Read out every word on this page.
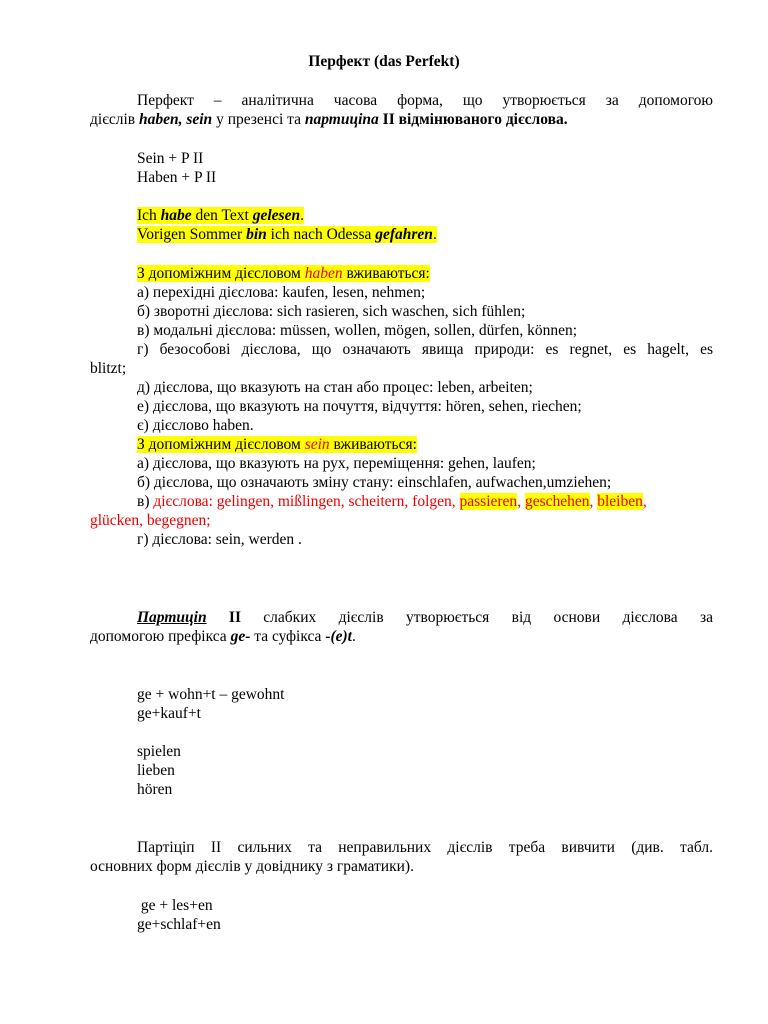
Перфект (das Perfekt)
Перфект – аналітична часова форма, що утворюється за допомогою
дієслів haben, sein у презенсі та партиціпа II відмінюваного дієслова.
Sein + P II
Haben + P II
Ich habe den Text gelesen.
Vorigen Sommer bin ich nach Odessa gefahren.
З допоміжним дієсловом haben вживаються:
а) перехідні дієслова: kaufen, lesen, nehmen;
б) зворотні дієслова: sich rasieren, sich waschen, sich fühlen;
в) модальні дієслова: müssen, wollen, mögen, sollen, dürfen, können;
г) безособові дієслова, що означають явища природи: es regnet, es hagelt, es
blitzt;
д) дієслова, що вказують на стан або процес: leben, arbeiten;
е) дієслова, що вказують на почуття, відчуття: hören, sehen, riechen;
є) дієслово haben.
З допоміжним дієсловом sein вживаються:
а) дієслова, що вказують на рух, переміщення: gehen, laufen;
б) дієслова, що означають зміну стану: einschlafen, aufwachen,umziehen;
в) дієслова: gelingen, mißlingen, scheitern, folgen, passieren, geschehen, bleiben,
glücken, begegnen;
г) дієслова: sein, werden .
Партиціп II слабких дієслів утворюється від основи дієслова за
допомогою префікса ge- та суфікса -(e)t.
ge + wohn+t – gewohnt
ge+kauf+t
spielen
lieben
hören
Партіціп II сильних та неправильних дієслів треба вивчити (див. табл.
основних форм дієслів у довіднику з граматики).
ge + les+en
ge+schlaf+en
